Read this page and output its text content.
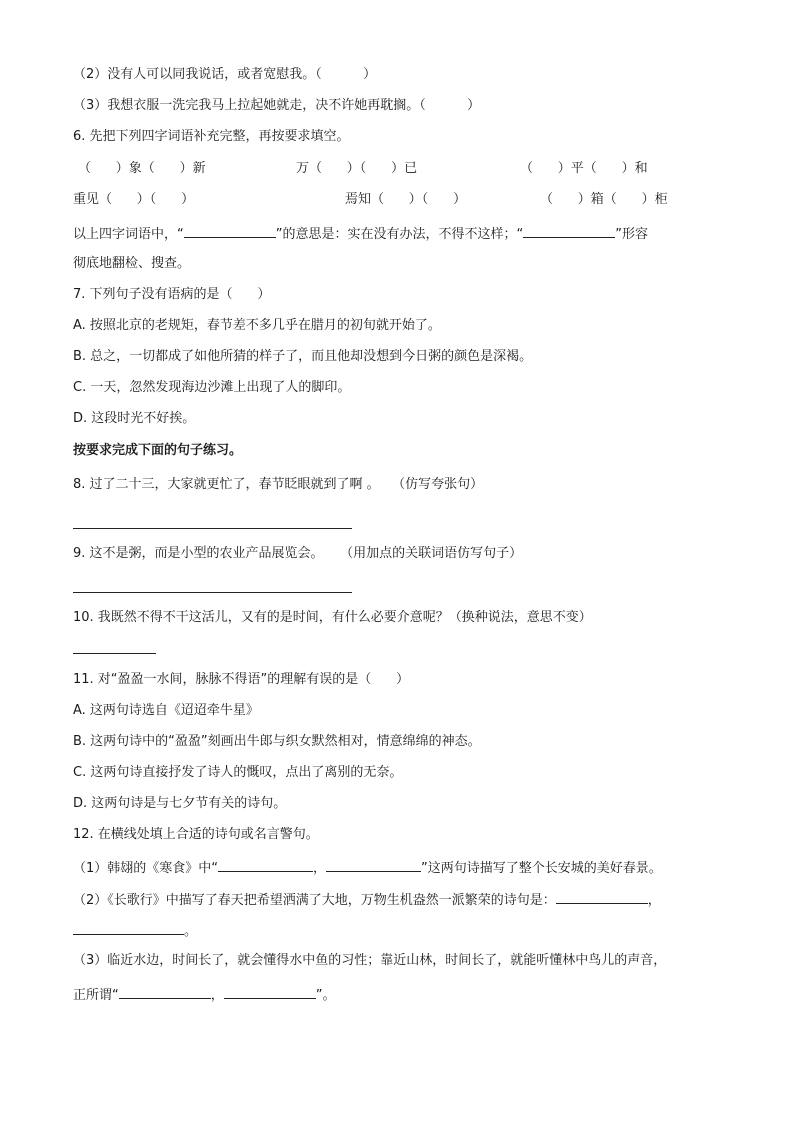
（2）没有人可以同我说话，或者宽慰我。（          ）
（3）我想衣服一洗完我马上拉起她就走，决不许她再耽搁。（          ）
6. 先把下列四字词语补充完整，再按要求填空。
（      ）象（      ）新	万（      ）（      ）已	（      ）平（      ）和
重见（      ）（      ）	焉知（      ）（      ）	（      ）箱（      ）柜
以上四字词语中，“	”的意思是：实在没有办法，不得不这样；“	”形容
彻底地翻检、搜查。
7. 下列句子没有语病的是（      ）
A. 按照北京的老规矩，春节差不多几乎在腊月的初旬就开始了。
B. 总之，一切都成了如他所猜的样子了，而且他却没想到今日粥的颜色是深褐。
C. 一天，忽然发现海边沙滩上出现了人的脚印。
D. 这段时光不好挨。
按要求完成下面的句子练习。
8. 过了二十三，大家就更忙了，春节眨眼就到了啊 。   （仿写夸张句）
9. 这不是粥，而是小型的农业产品展览会。    （用加点的关联词语仿写句子）
10. 我既然不得不干这活儿，又有的是时间，有什么必要介意呢？（换种说法，意思不变）
11. 对“盈盈一水间，脉脉不得语”的理解有误的是（      ）
A. 这两句诗选自《迢迢牵牛星》
B. 这两句诗中的“盈盈”刻画出牛郎与织女默然相对，情意绵绵的神态。
C. 这两句诗直接抒发了诗人的慨叹，点出了离别的无奈。
D. 这两句诗是与七夕节有关的诗句。
12. 在横线处填上合适的诗句或名言警句。
（1）韩翃的《寒食》中“	，	”这两句诗描写了整个长安城的美好春景。
（2）《长歌行》中描写了春天把希望洒满了大地，万物生机盎然一派繁荣的诗句是：	，
。
（3）临近水边，时间长了，就会懂得水中鱼的习性；靠近山林，时间长了，就能听懂林中鸟儿的声音，
正所谓“	，	”。
